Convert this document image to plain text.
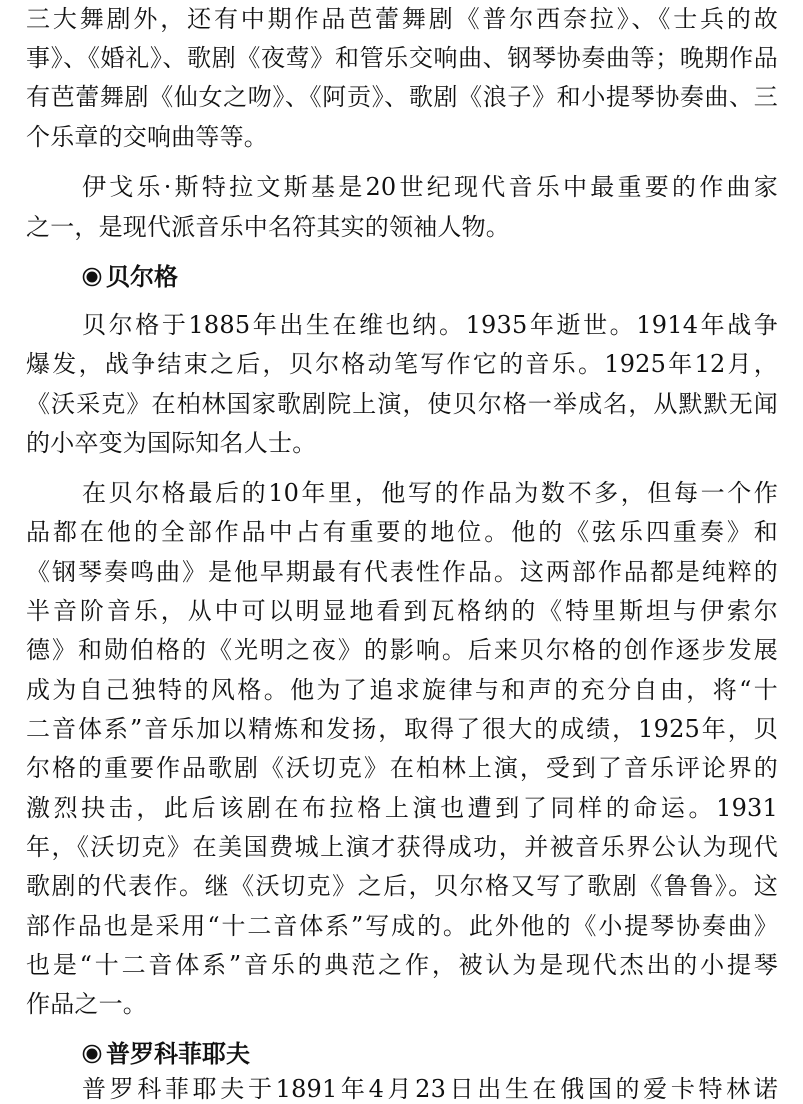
三大舞剧外，还有中期作品芭蕾舞剧《普尔西奈拉》、《士兵的故
事》、《婚礼》、歌剧《夜莺》和管乐交响曲、钢琴协奏曲等；晚期作品
有芭蕾舞剧《仙女之吻》、《阿贡》、歌剧《浪子》和小提琴协奏曲、三
个乐章的交响曲等等。
伊戈乐·斯特拉文斯基是20世纪现代音乐中最重要的作曲家
之一，是现代派音乐中名符其实的领袖人物。
贝尔格
贝尔格于1885年出生在维也纳。1935年逝世。1914年战争
爆发，战争结束之后，贝尔格动笔写作它的音乐。1925年12月，
《沃采克》在柏林国家歌剧院上演，使贝尔格一举成名，从默默无闻
的小卒变为国际知名人士。
在贝尔格最后的10年里，他写的作品为数不多，但每一个作
品都在他的全部作品中占有重要的地位。他的《弦乐四重奏》和
《钢琴奏鸣曲》是他早期最有代表性作品。这两部作品都是纯粹的
半音阶音乐，从中可以明显地看到瓦格纳的《特里斯坦与伊索尔
德》和勋伯格的《光明之夜》的影响。后来贝尔格的创作逐步发展
成为自己独特的风格。他为了追求旋律与和声的充分自由，将“十
二音体系”音乐加以精炼和发扬，取得了很大的成绩，1925年，贝
尔格的重要作品歌剧《沃切克》在柏林上演，受到了音乐评论界的
激烈抉击，此后该剧在布拉格上演也遭到了同样的命运。1931
年，《沃切克》在美国费城上演才获得成功，并被音乐界公认为现代
歌剧的代表作。继《沃切克》之后，贝尔格又写了歌剧《鲁鲁》。这
部作品也是采用“十二音体系”写成的。此外他的《小提琴协奏曲》
也是“十二音体系”音乐的典范之作，被认为是现代杰出的小提琴
作品之一。
普罗科菲耶夫
普罗科菲耶夫于1891年4月23日出生在俄国的爱卡特林诺
